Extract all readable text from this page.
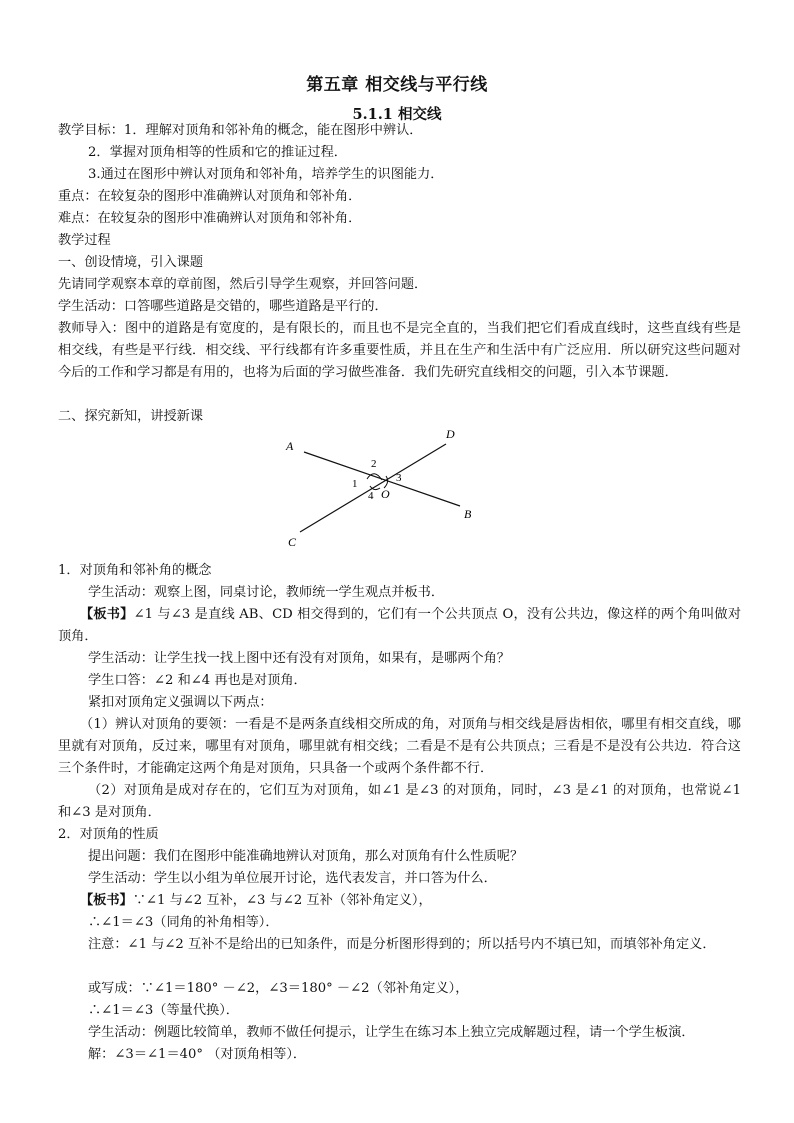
第五章 相交线与平行线
5.1.1 相交线
教学目标：1．理解对顶角和邻补角的概念，能在图形中辨认．
2．掌握对顶角相等的性质和它的推证过程．
3.通过在图形中辨认对顶角和邻补角，培养学生的识图能力．
重点：在较复杂的图形中准确辨认对顶角和邻补角．
难点：在较复杂的图形中准确辨认对顶角和邻补角．
教学过程
一、创设情境，引入课题
先请同学观察本章的章前图，然后引导学生观察，并回答问题．
学生活动：口答哪些道路是交错的，哪些道路是平行的．
教师导入：图中的道路是有宽度的，是有限长的，而且也不是完全直的，当我们把它们看成直线时，这些直线有些是相交线，有些是平行线．相交线、平行线都有许多重要性质，并且在生产和生活中有广泛应用．所以研究这些问题对今后的工作和学习都是有用的，也将为后面的学习做些准备．我们先研究直线相交的问题，引入本节课题．
二、探究新知，讲授新课
A
B
C
D
O
2
1	3
4
1．对顶角和邻补角的概念
学生活动：观察上图，同桌讨论，教师统一学生观点并板书．
【板书】∠1 与∠3 是直线 AB、CD 相交得到的，它们有一个公共顶点 O，没有公共边，像这样的两个角叫做对顶角．
学生活动：让学生找一找上图中还有没有对顶角，如果有，是哪两个角？
学生口答：∠2 和∠4 再也是对顶角．
紧扣对顶角定义强调以下两点：
（1）辨认对顶角的要领：一看是不是两条直线相交所成的角，对顶角与相交线是唇齿相依，哪里有相交直线，哪里就有对顶角，反过来，哪里有对顶角，哪里就有相交线；二看是不是有公共顶点；三看是不是没有公共边．符合这三个条件时，才能确定这两个角是对顶角，只具备一个或两个条件都不行．
（2）对顶角是成对存在的，它们互为对顶角，如∠1 是∠3 的对顶角，同时，∠3 是∠1 的对顶角，也常说∠1 和∠3 是对顶角．
2．对顶角的性质
提出问题：我们在图形中能准确地辨认对顶角，那么对顶角有什么性质呢？
学生活动：学生以小组为单位展开讨论，选代表发言，并口答为什么．
【板书】∵∠1 与∠2 互补，∠3 与∠2 互补（邻补角定义），
∴∠1＝∠3（同角的补角相等）．
注意：∠1 与∠2 互补不是给出的已知条件，而是分析图形得到的；所以括号内不填已知，而填邻补角定义．
或写成：∵∠1＝180° －∠2，∠3＝180° －∠2（邻补角定义），
∴∠1＝∠3（等量代换）．
学生活动：例题比较简单，教师不做任何提示，让学生在练习本上独立完成解题过程，请一个学生板演．
解：∠3＝∠1＝40° （对顶角相等）．
